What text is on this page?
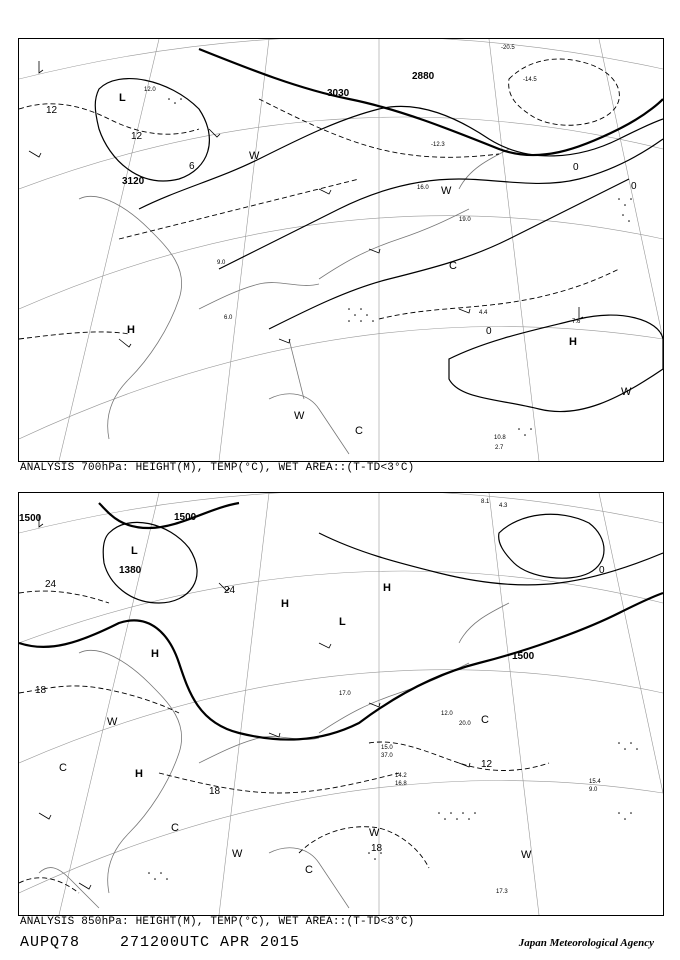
3120
3030
2880
12
12
0
0
0
6
L
H
H
W
W
W
W
C
C
12.0
9.0
19.0
16.0
4.4
7.6
10.8
2.7
-12.3
-14.5
-20.5
6.0
ANALYSIS 700hPa: HEIGHT(M), TEMP(°C), WET AREA::(T-TD<3°C)
1500
1380
1500
1500
24
24
18
18
18
12
0
L
L
H
H
H
H
W
W
W
W
C
C
C
C
15.0
37.0
14.2
16.8
12.0
20.0
15.4
9.0
17.0
17.3
8.1
4.3
ANALYSIS 850hPa: HEIGHT(M), TEMP(°C), WET AREA::(T-TD<3°C)
AUPQ78	271200UTC APR 2015	Japan Meteorological Agency
